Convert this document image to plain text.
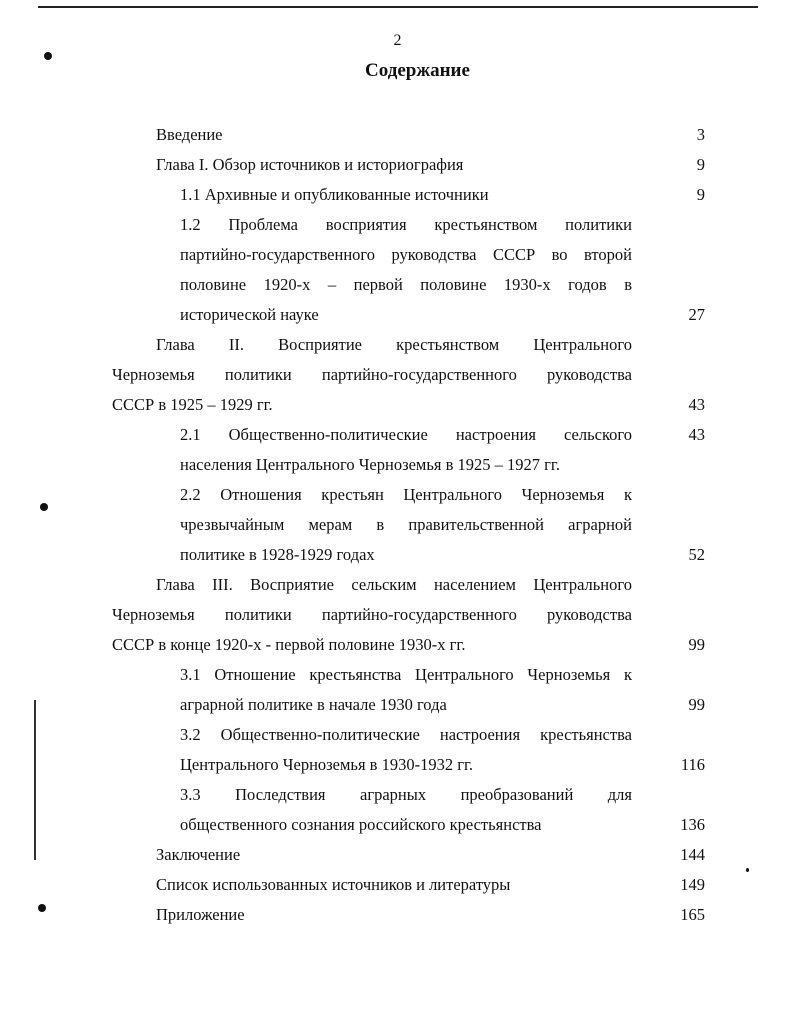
2
Содержание
Введение	3
Глава I. Обзор источников и историография	9
1.1 Архивные и опубликованные источники	9
1.2 Проблема восприятия крестьянством политики
партийно-государственного руководства СССР во второй
половине 1920-х – первой половине 1930-х годов в
исторической науке	27
Глава II. Восприятие крестьянством Центрального
Черноземья политики партийно-государственного руководства
СССР в 1925 – 1929 гг.	43
2.1 Общественно-политические настроения сельского	43
населения Центрального Черноземья в 1925 – 1927 гг.
2.2 Отношения крестьян Центрального Черноземья к
чрезвычайным мерам в правительственной аграрной
политике в 1928-1929 годах	52
Глава III. Восприятие сельским населением Центрального
Черноземья политики партийно-государственного руководства
СССР в конце 1920-х - первой половине 1930-х гг.	99
3.1 Отношение крестьянства Центрального Черноземья к
аграрной политике в начале 1930 года	99
3.2 Общественно-политические настроения крестьянства
Центрального Черноземья в 1930-1932 гг.	116
3.3 Последствия аграрных преобразований для
общественного сознания российского крестьянства	136
Заключение	144
Список использованных источников и литературы	149
Приложение	165
